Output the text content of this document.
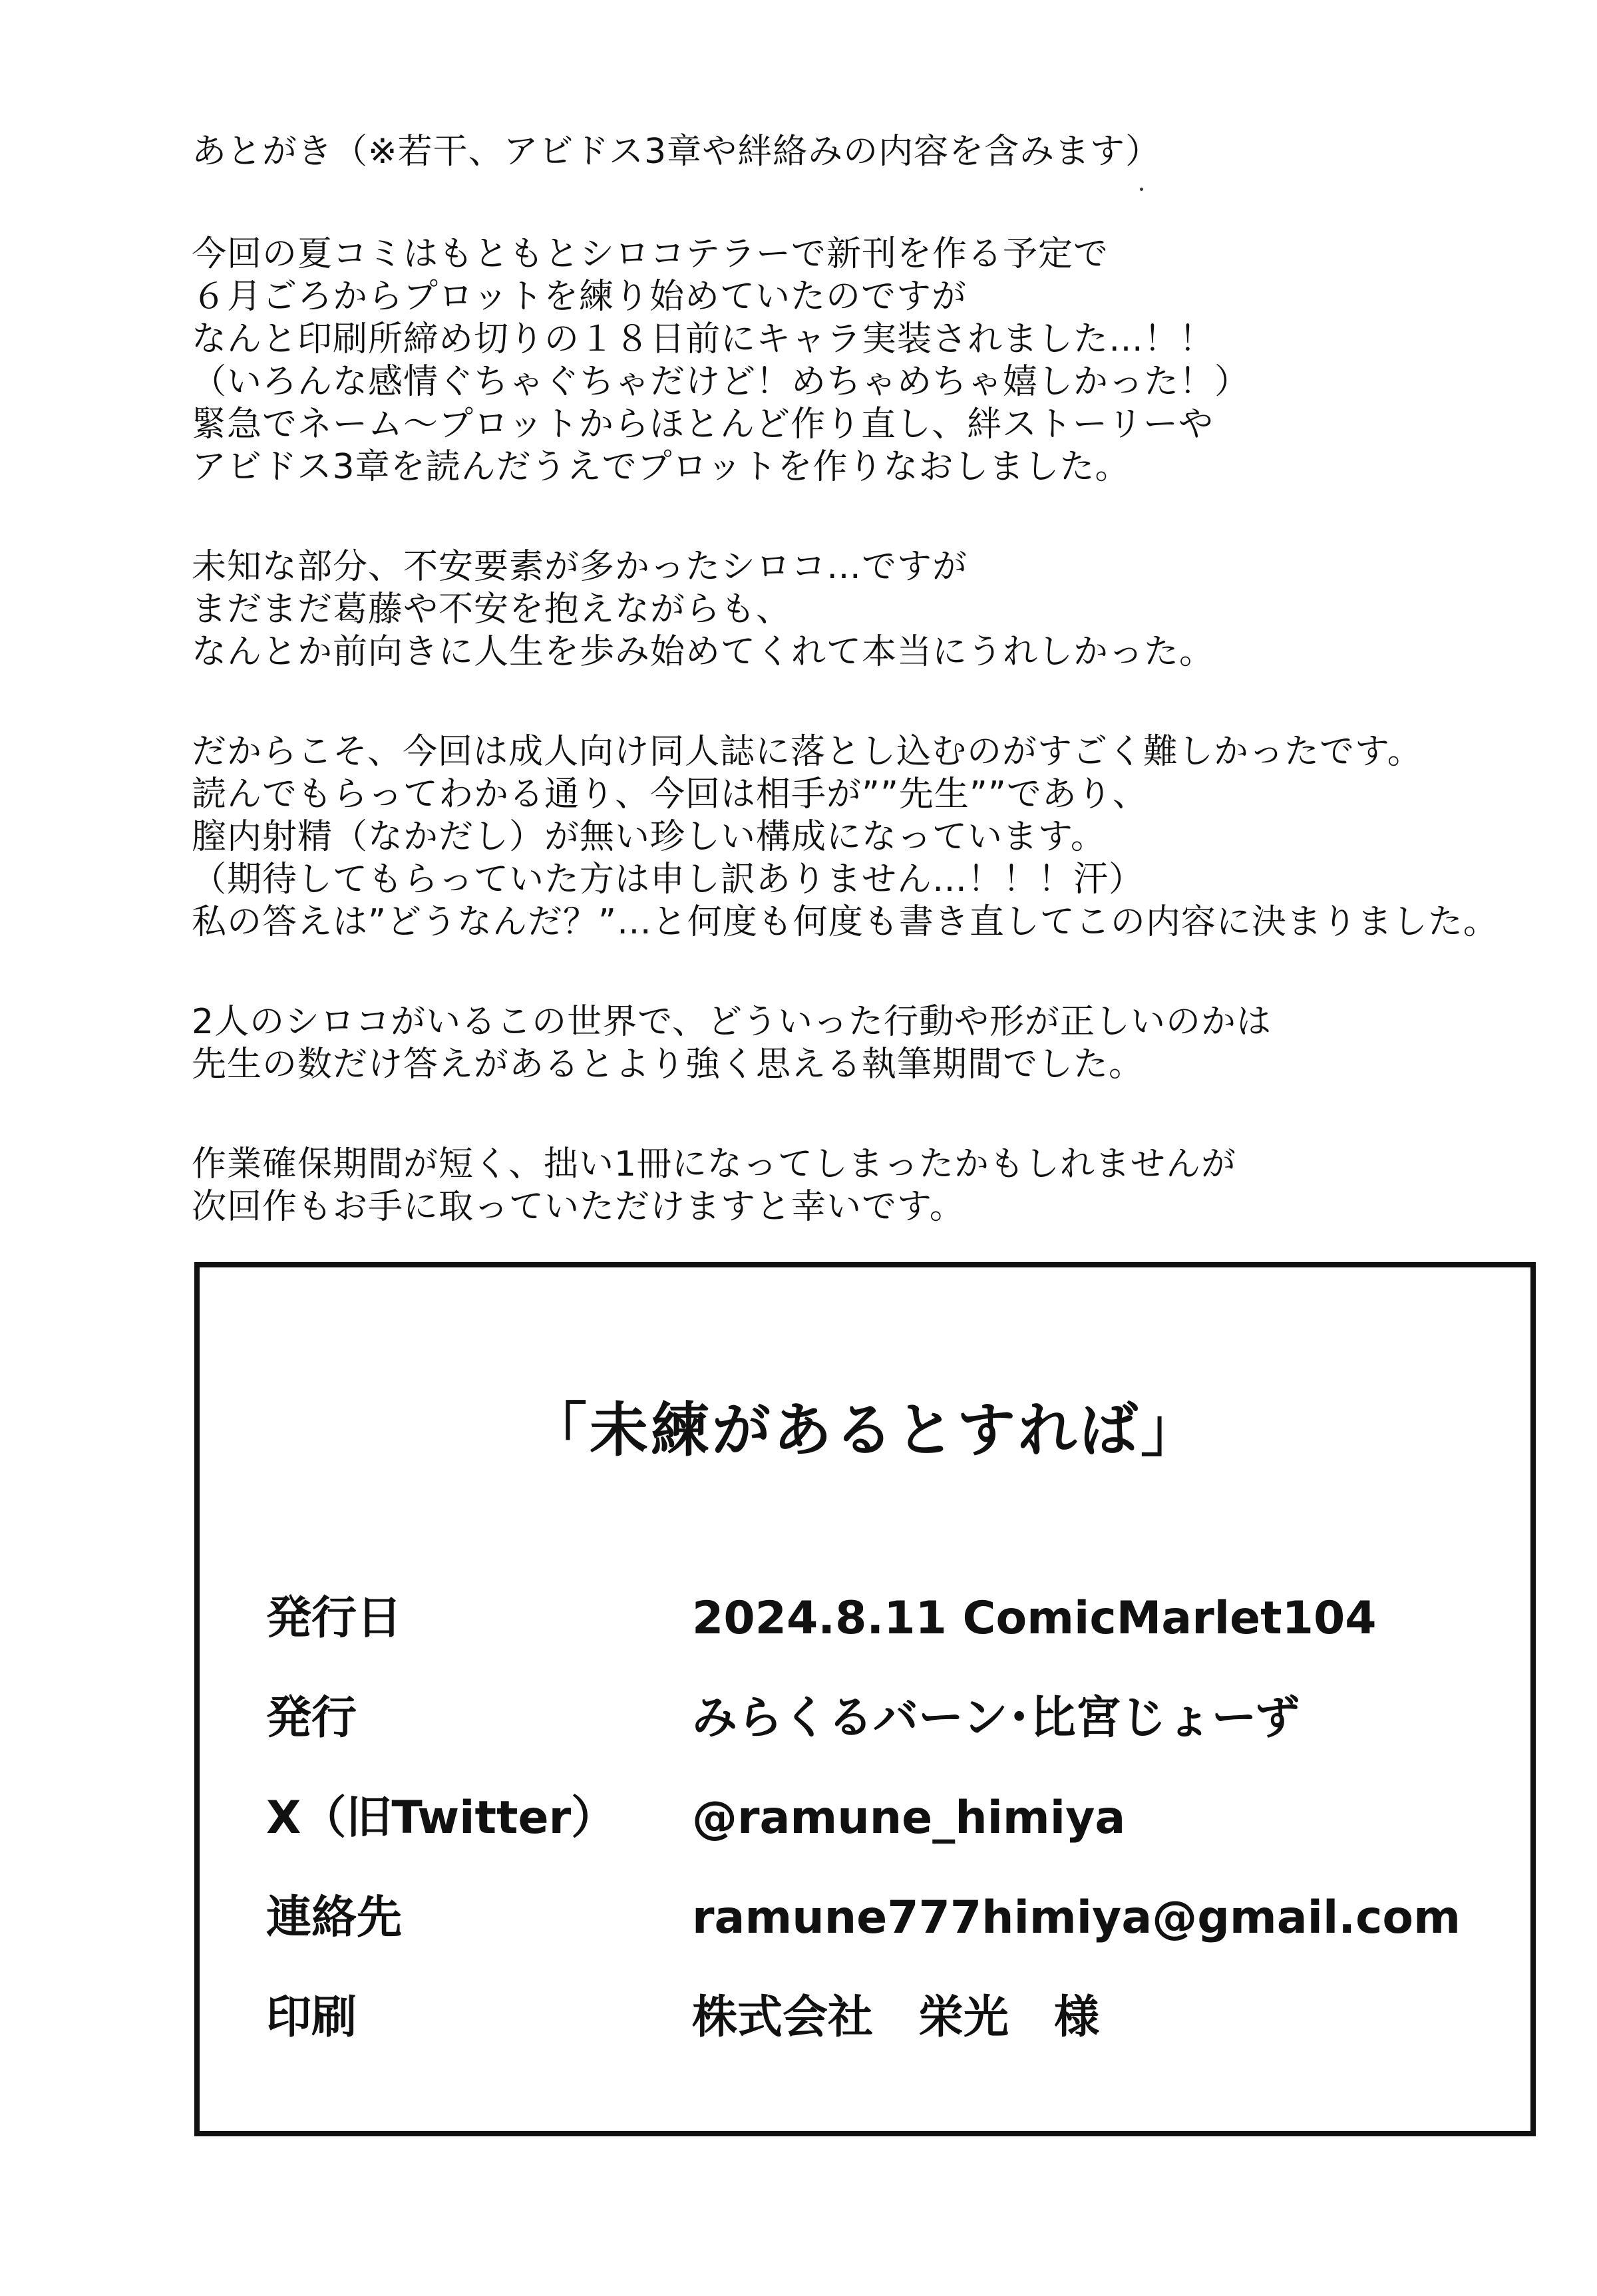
あとがき（※若干、アビドス3章や絆絡みの内容を含みます）
今回の夏コミはもともとシロコテラーで新刊を作る予定で
６月ごろからプロットを練り始めていたのですが
なんと印刷所締め切りの１８日前にキャラ実装されました…！！
（いろんな感情ぐちゃぐちゃだけど！めちゃめちゃ嬉しかった！）
緊急でネーム～プロットからほとんど作り直し、絆ストーリーや
アビドス3章を読んだうえでプロットを作りなおしました。
未知な部分、不安要素が多かったシロコ…ですが
まだまだ葛藤や不安を抱えながらも、
なんとか前向きに人生を歩み始めてくれて本当にうれしかった。
だからこそ、今回は成人向け同人誌に落とし込むのがすごく難しかったです。
読んでもらってわかる通り、今回は相手が””先生””であり、
膣内射精（なかだし）が無い珍しい構成になっています。
（期待してもらっていた方は申し訳ありません…！！！汗）
私の答えは”どうなんだ？”…と何度も何度も書き直してこの内容に決まりました。
2人のシロコがいるこの世界で、どういった行動や形が正しいのかは
先生の数だけ答えがあるとより強く思える執筆期間でした。
作業確保期間が短く、拙い1冊になってしまったかもしれませんが
次回作もお手に取っていただけますと幸いです。
「未練があるとすれば」
発行日	2024.8.11 ComicMarlet104
発行	みらくるバーン･比宮じょーず
X（旧Twitter） @ramune_himiya
連絡先	ramune777himiya@gmail.com
印刷	株式会社　栄光　様
